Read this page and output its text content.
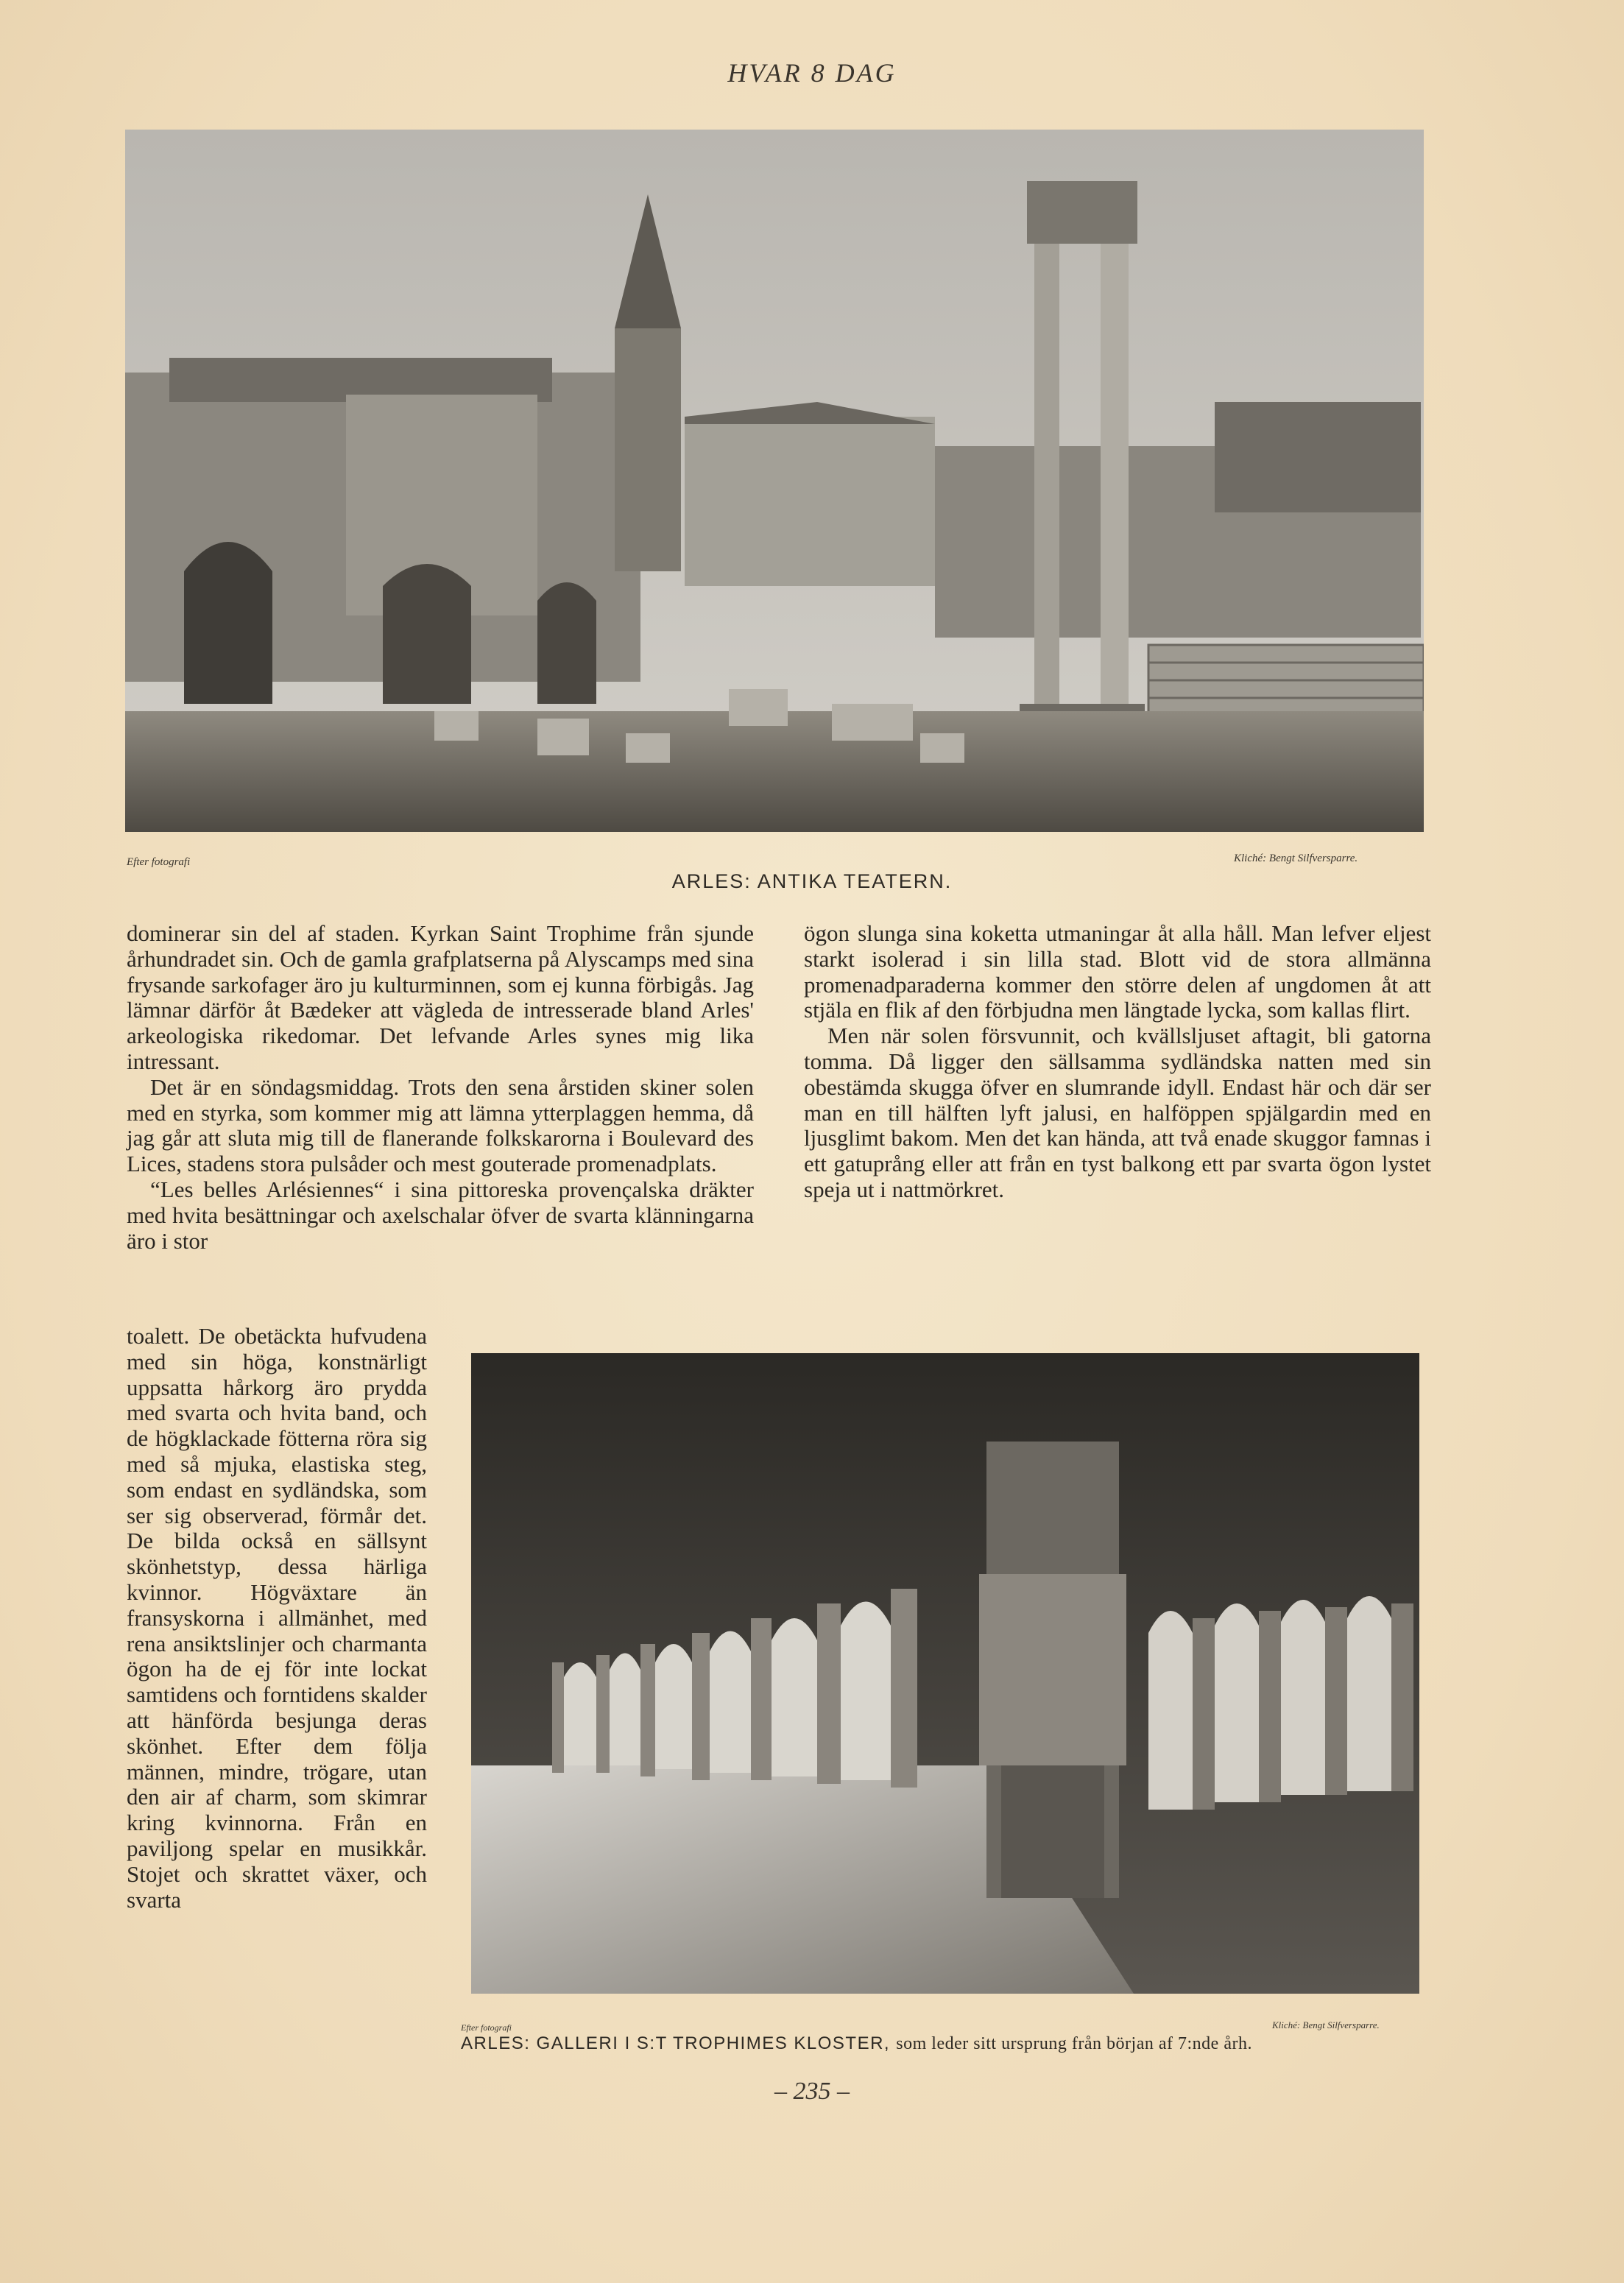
HVAR 8 DAG
Efter fotografi	Kliché: Bengt Silfversparre.
ARLES: ANTIKA TEATERN.

dominerar sin del af staden. Kyrkan Saint Trophime från sjunde århundradet sin. Och de gamla grafplatserna på Alyscamps med sina frysande sarkofager äro ju kulturminnen, som ej kunna förbigås. Jag lämnar därför åt Bædeker att vägleda de intresserade bland Arles' arkeologiska rikedomar. Det lefvande Arles synes mig lika intressant.

Det är en söndagsmiddag. Trots den sena årstiden skiner solen med en styrka, som kommer mig att lämna ytterplaggen hemma, då jag går att sluta mig till de flanerande folkskarorna i Boulevard des Lices, stadens stora pulsåder och mest gouterade promenadplats.

“Les belles Arlésiennes“ i sina pittoreska provençalska dräkter med hvita besättningar och axelschalar öfver de svarta klänningarna äro i stor

toalett. De obetäckta hufvudena med sin höga, konstnärligt uppsatta hårkorg äro prydda med svarta och hvita band, och de högklackade fötterna röra sig med så mjuka, elastiska steg, som endast en sydländska, som ser sig observerad, förmår det. De bilda också en sällsynt skönhetstyp, dessa härliga kvinnor. Högväxtare än fransyskorna i allmänhet, med rena ansiktslinjer och charmanta ögon ha de ej för inte lockat samtidens och forntidens skalder att hänförda besjunga deras skönhet. Efter dem följa männen, mindre, trögare, utan den air af charm, som skimrar kring kvinnorna. Från en paviljong spelar en musikkår. Stojet och skrattet växer, och svarta

ögon slunga sina koketta utmaningar åt alla håll. Man lefver eljest starkt isolerad i sin lilla stad. Blott vid de stora allmänna promenadparaderna kommer den större delen af ungdomen åt att stjäla en flik af den förbjudna men längtade lycka, som kallas flirt.

Men när solen försvunnit, och kvällsljuset aftagit, bli gatorna tomma. Då ligger den sällsamma sydländska natten med sin obestämda skugga öfver en slumrande idyll. Endast här och där ser man en till hälften lyft jalusi, en halföppen spjälgardin med en ljusglimt bakom. Men det kan hända, att två enade skuggor famnas i ett gatuprång eller att från en tyst balkong ett par svarta ögon lystet speja ut i nattmörkret.

Efter fotografi	Kliché: Bengt Silfversparre.
ARLES: GALLERI I S:T TROPHIMES KLOSTER, som leder sitt ursprung från början af 7:nde årh.
– 235 –
